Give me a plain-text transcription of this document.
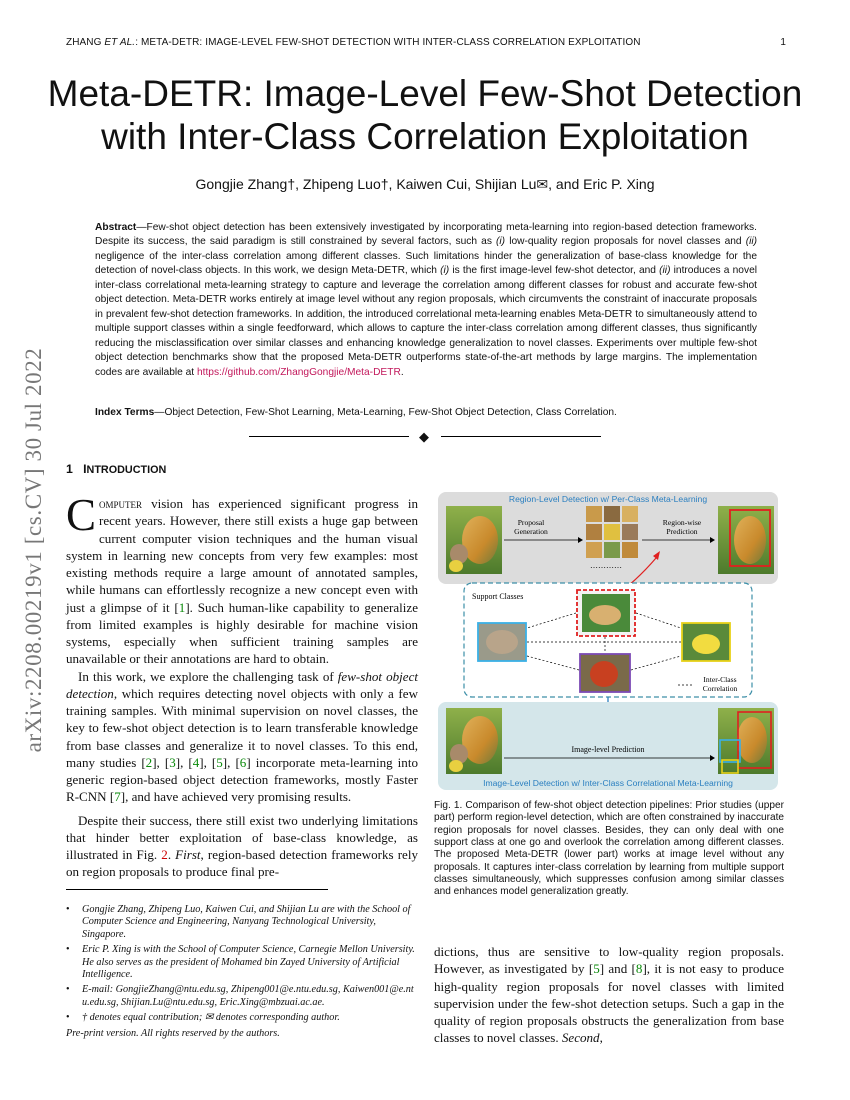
ZHANG ET AL.: META-DETR: IMAGE-LEVEL FEW-SHOT DETECTION WITH INTER-CLASS CORRELATION EXPLOITATION	1
Meta-DETR: Image-Level Few-Shot Detection
with Inter-Class Correlation Exploitation
Gongjie Zhang†, Zhipeng Luo†, Kaiwen Cui, Shijian Lu✉, and Eric P. Xing
Abstract—Few-shot object detection has been extensively investigated by incorporating meta-learning into region-based detection frameworks. Despite its success, the said paradigm is still constrained by several factors, such as (i) low-quality region proposals for novel classes and (ii) negligence of the inter-class correlation among different classes. Such limitations hinder the generalization of base-class knowledge for the detection of novel-class objects. In this work, we design Meta-DETR, which (i) is the first image-level few-shot detector, and (ii) introduces a novel inter-class correlational meta-learning strategy to capture and leverage the correlation among different classes for robust and accurate few-shot object detection. Meta-DETR works entirely at image level without any region proposals, which circumvents the constraint of inaccurate proposals in prevalent few-shot detection frameworks. In addition, the introduced correlational meta-learning enables Meta-DETR to simultaneously attend to multiple support classes within a single feedforward, which allows to capture the inter-class correlation among different classes, thus significantly reducing the misclassification over similar classes and enhancing knowledge generalization to novel classes. Experiments over multiple few-shot object detection benchmarks show that the proposed Meta-DETR outperforms state-of-the-art methods by large margins. The implementation codes are available at https://github.com/ZhangGongjie/Meta-DETR.
Index Terms—Object Detection, Few-Shot Learning, Meta-Learning, Few-Shot Object Detection, Class Correlation.
◆
arXiv:2208.00219v1 [cs.CV] 30 Jul 2022 1 INTRODUCTION

Computer vision has experienced significant progress in recent years. However, there still exists a huge gap between current computer vision techniques and the human visual system in learning new concepts from very few examples: most existing methods require a large amount of annotated samples, while humans can effortlessly recognize a new concept even with just a glimpse of it [1]. Such human-like capability to generalize from limited examples is highly desirable for machine vision systems, especially when sufficient training samples are unavailable or their annotations are hard to obtain.

In this work, we explore the challenging task of few-shot object detection, which requires detecting novel objects with only a few training samples. With minimal supervision on novel classes, the key to few-shot object detection is to learn transferable knowledge from base classes and generalize it to novel classes. To this end, many studies [2], [3], [4], [5], [6] incorporate meta-learning into generic region-based object detection frameworks, mostly Faster R-CNN [7], and have achieved very promising results.

Despite their success, there still exist two underlying limitations that hinder better exploitation of base-class knowledge, as illustrated in Fig. 2. First, region-based detection frameworks rely on region proposals to produce final pre-

• Gongjie Zhang, Zhipeng Luo, Kaiwen Cui, and Shijian Lu are with the School of Computer Science and Engineering, Nanyang Technological University, Singapore.
• Eric P. Xing is with the School of Computer Science, Carnegie Mellon University. He also serves as the president of Mohamed bin Zayed University of Artificial Intelligence.
• E-mail: GongjieZhang@ntu.edu.sg, Zhipeng001@e.ntu.edu.sg, Kaiwen001@e.ntu.edu.sg, Shijian.Lu@ntu.edu.sg, Eric.Xing@mbzuai.ac.ae.
• † denotes equal contribution; ✉ denotes corresponding author.
Pre-print version. All rights reserved by the authors.
Region-Level Detection w/ Per-Class Meta-Learning
Proposal
Generation
…………
Region-wise
Prediction
Support Classes
Inter-Class
Correlation
Image-level Prediction
Image-Level Detection w/ Inter-Class Correlational Meta-Learning
Fig. 1. Comparison of few-shot object detection pipelines: Prior studies (upper part) perform region-level detection, which are often constrained by inaccurate region proposals for novel classes. Besides, they can only deal with one support class at one go and overlook the correlation among different classes. The proposed Meta-DETR (lower part) works at image level without any proposals. It captures inter-class correlation by learning from multiple support classes simultaneously, which suppresses confusion among similar classes and enhances model generalization greatly.

dictions, thus are sensitive to low-quality region proposals. However, as investigated by [5] and [8], it is not easy to produce high-quality region proposals for novel classes with limited supervision under the few-shot detection setups. Such a gap in the quality of region proposals obstructs the generalization from base classes to novel classes. Second,
